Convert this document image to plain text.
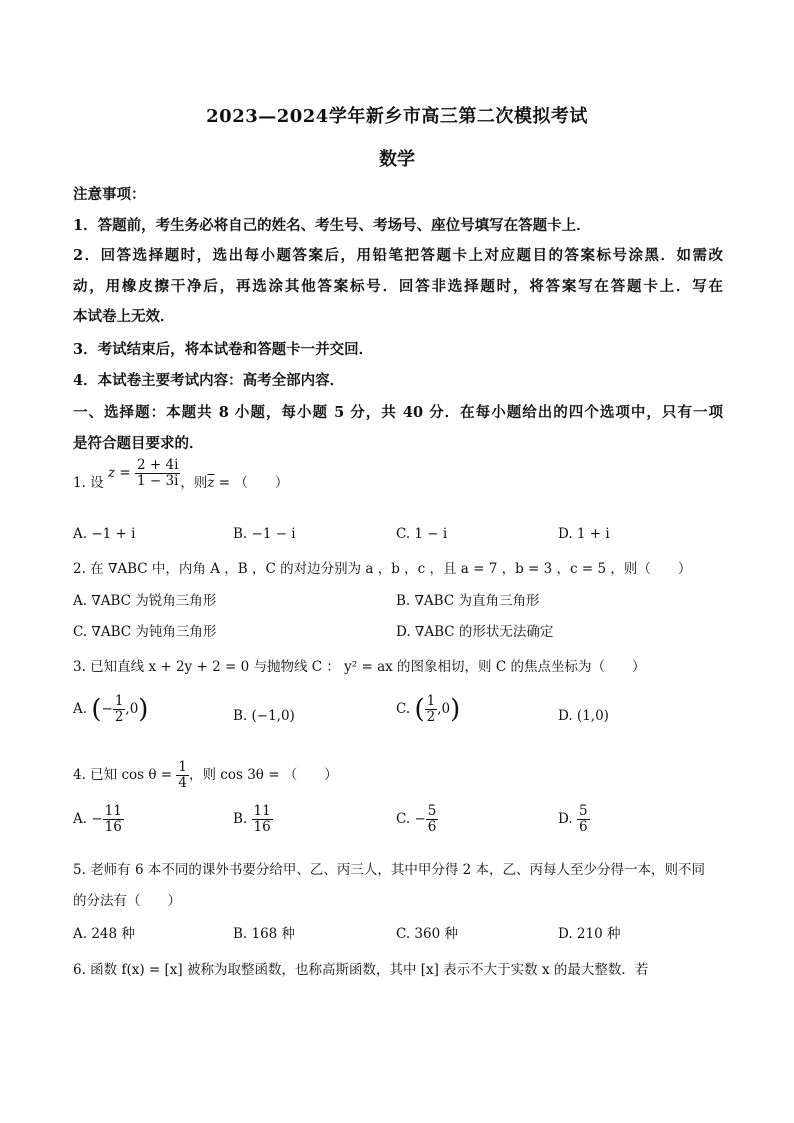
2023—2024学年新乡市高三第二次模拟考试
数学
注意事项：
1．答题前，考生务必将自己的姓名、考生号、考场号、座位号填写在答题卡上．
2．回答选择题时，选出每小题答案后，用铅笔把答题卡上对应题目的答案标号涂黑．如需改
动，用橡皮擦干净后，再选涂其他答案标号．回答非选择题时，将答案写在答题卡上．写在
本试卷上无效．
3．考试结束后，将本试卷和答题卡一并交回．
4．本试卷主要考试内容：高考全部内容．
一、选择题：本题共 8 小题，每小题 5 分，共 40 分．在每小题给出的四个选项中，只有一项
是符合题目要求的．
1. 设 $z = \frac{2 + 4i}{1 - 3i}$ ，则$\overline{z}$ = （　　）
A. −1 + i	B. −1 − i	C. 1 − i	D. 1 + i
2. 在 ∇ABC 中，内角 A ，B ，C 的对边分别为 a ，b ，c ，且 a = 7 ，b = 3 ，c = 5 ，则（　　）
A. ∇ABC 为锐角三角形	B. ∇ABC 为直角三角形
C. ∇ABC 为钝角三角形	D. ∇ABC 的形状无法确定
3. 已知直线 x + 2y + 2 = 0 与抛物线 C ： y² = ax 的图象相切，则 C 的焦点坐标为（　　）
A. (− $\frac{1}{2} ,0$)	B. (−1,0)	C. ( $\frac{1}{2} ,0$)	D. (1,0)
4. 已知 $\cos \theta = \frac{1}{4}$ ，则 cos 3θ = （　　）
A. − $\frac{11}{16}$	B. $\frac{11}{16}$	C. − $\frac{5}{6}$	D. $\frac{5}{6}$
5. 老师有 6 本不同的课外书要分给甲、乙、丙三人，其中甲分得 2 本，乙、丙每人至少分得一本，则不同
的分法有（　　）
A. 248 种	B. 168 种	C. 360 种	D. 210 种
6. 函数 f(x) = [x] 被称为取整函数，也称高斯函数，其中 [x] 表示不大于实数 x 的最大整数．若
